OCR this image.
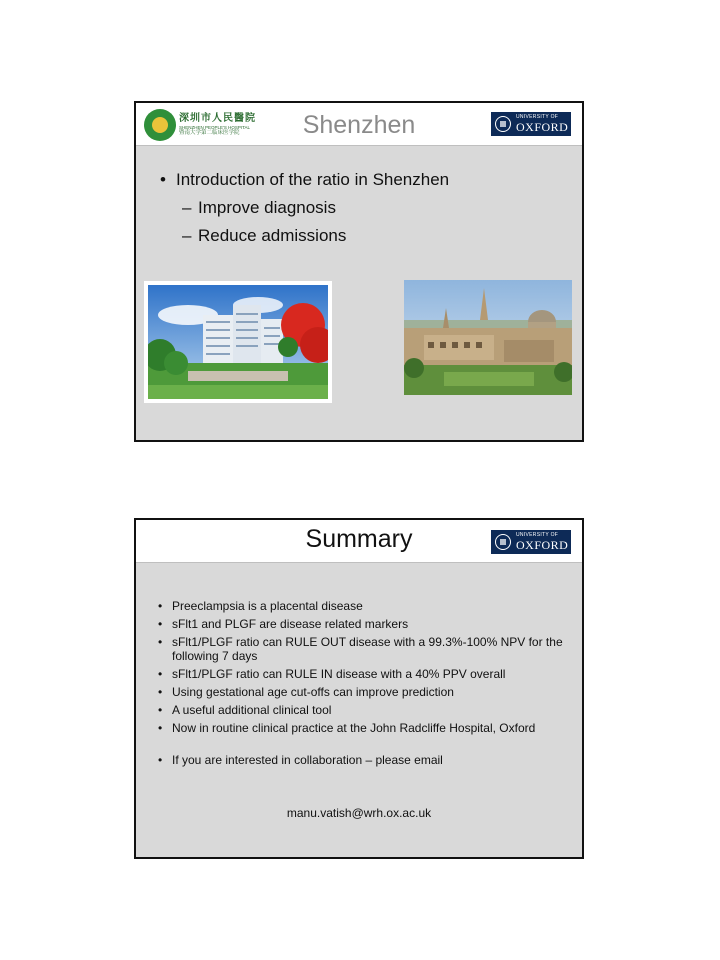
深圳市人民醫院
SHENZHEN PEOPLE'S HOSPITAL
暨南大学第二临床医学院	Shenzhen	UNIVERSITY OF
OXFORD
• Introduction of the ratio in Shenzhen
– Improve diagnosis
– Reduce admissions
Summary	UNIVERSITY OF
OXFORD
• Preeclampsia is a placental disease
• sFlt1 and PLGF are disease related markers
• sFlt1/PLGF ratio can RULE OUT disease with a 99.3%-100% NPV for the following 7 days
• sFlt1/PLGF ratio can RULE IN disease with a 40% PPV overall
• Using gestational age cut-offs can improve prediction
• A useful additional clinical tool
• Now in routine clinical practice at the John Radcliffe Hospital, Oxford
• If you are interested in collaboration – please email
manu.vatish@wrh.ox.ac.uk
